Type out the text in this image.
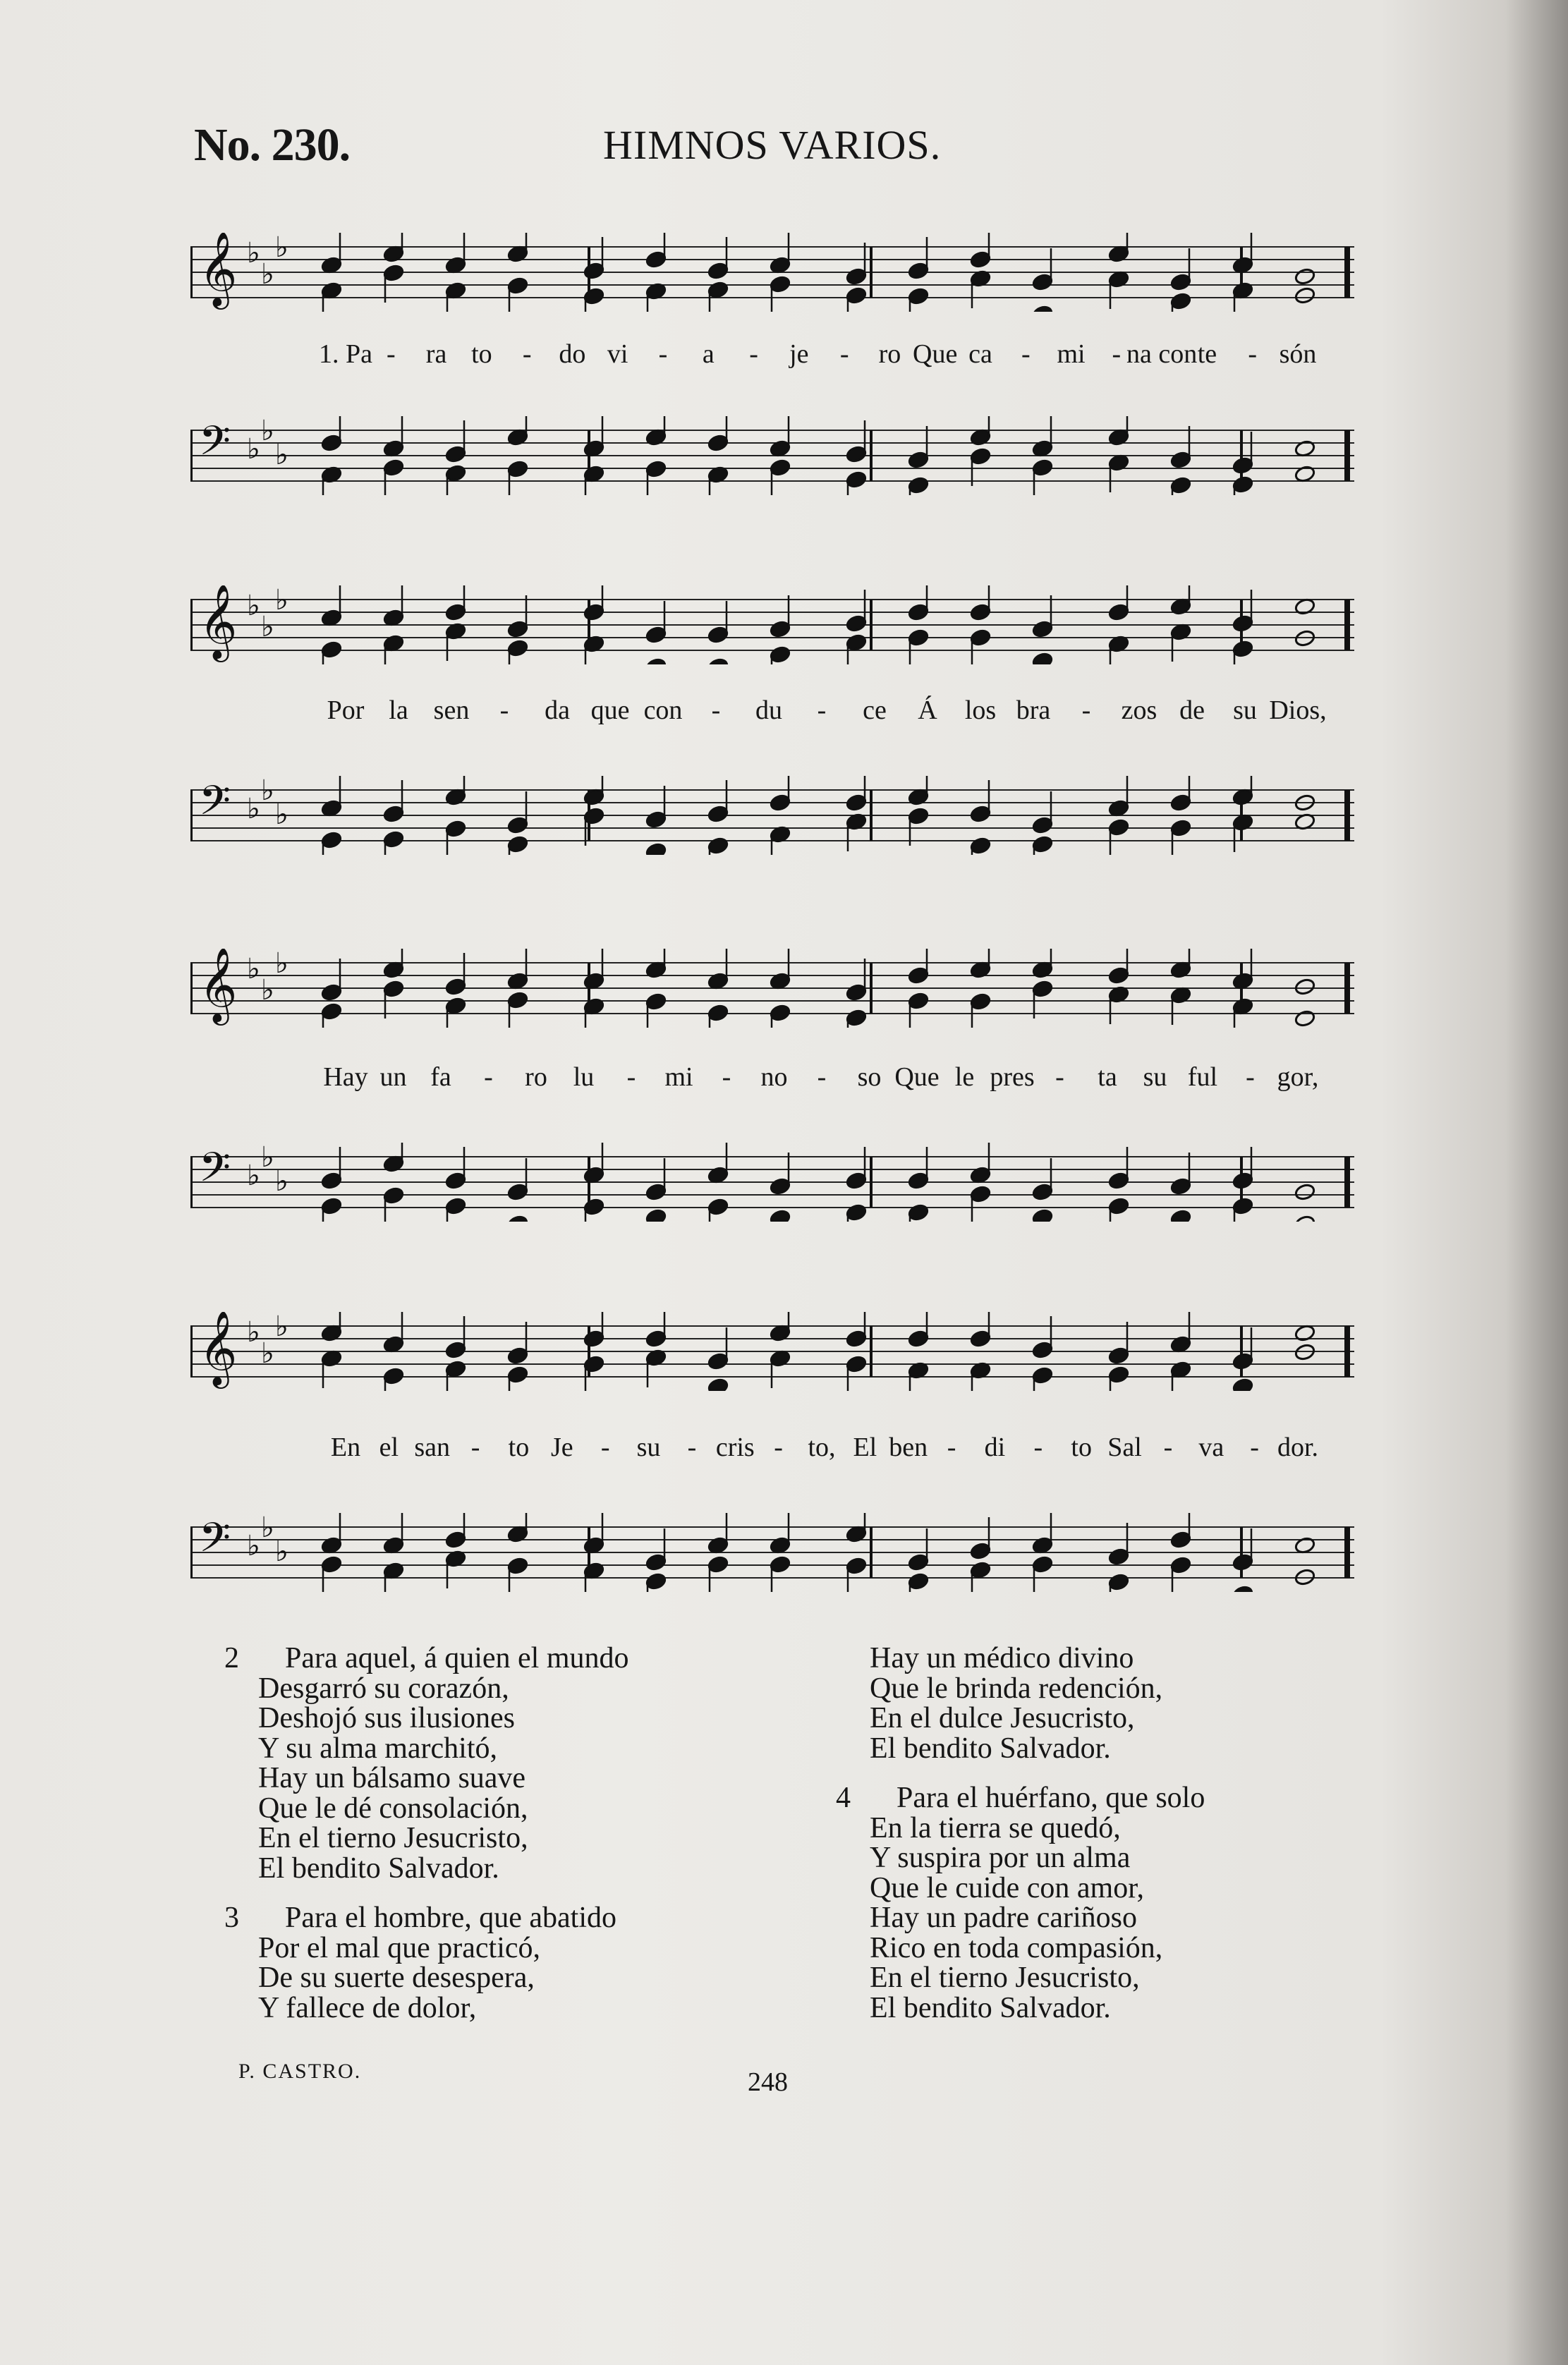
No. 230.	HIMNOS VARIOS.
𝄞 ♭
♭
♭
1. Pa - ra to - do vi - a - je - ro Que ca - mi - na con te - són
𝄢 ♭
♭
♭
𝄞 ♭
♭
♭
Por la sen - da que con - du - ce Á los bra - zos de su Dios,
𝄢 ♭
♭
♭
𝄞 ♭
♭
♭
Hay un fa - ro lu - mi - no - so Que le pres - ta su ful - gor,
𝄢 ♭
♭
♭
𝄞 ♭
♭
♭
En el san - to Je - su - cris - to, El ben - di - to Sal - va - dor.
𝄢 ♭
♭
♭
2 Para aquel, á quien el mundo
Desgarró su corazón,
Deshojó sus ilusiones
Y su alma marchitó,
Hay un bálsamo suave
Que le dé consolación,
En el tierno Jesucristo,
El bendito Salvador.
3 Para el hombre, que abatido
Por el mal que practicó,
De su suerte desespera,
Y fallece de dolor,
Hay un médico divino
Que le brinda redención,
En el dulce Jesucristo,
El bendito Salvador.
4 Para el huérfano, que solo
En la tierra se quedó,
Y suspira por un alma
Que le cuide con amor,
Hay un padre cariñoso
Rico en toda compasión,
En el tierno Jesucristo,
El bendito Salvador.
P. CASTRO.	248
